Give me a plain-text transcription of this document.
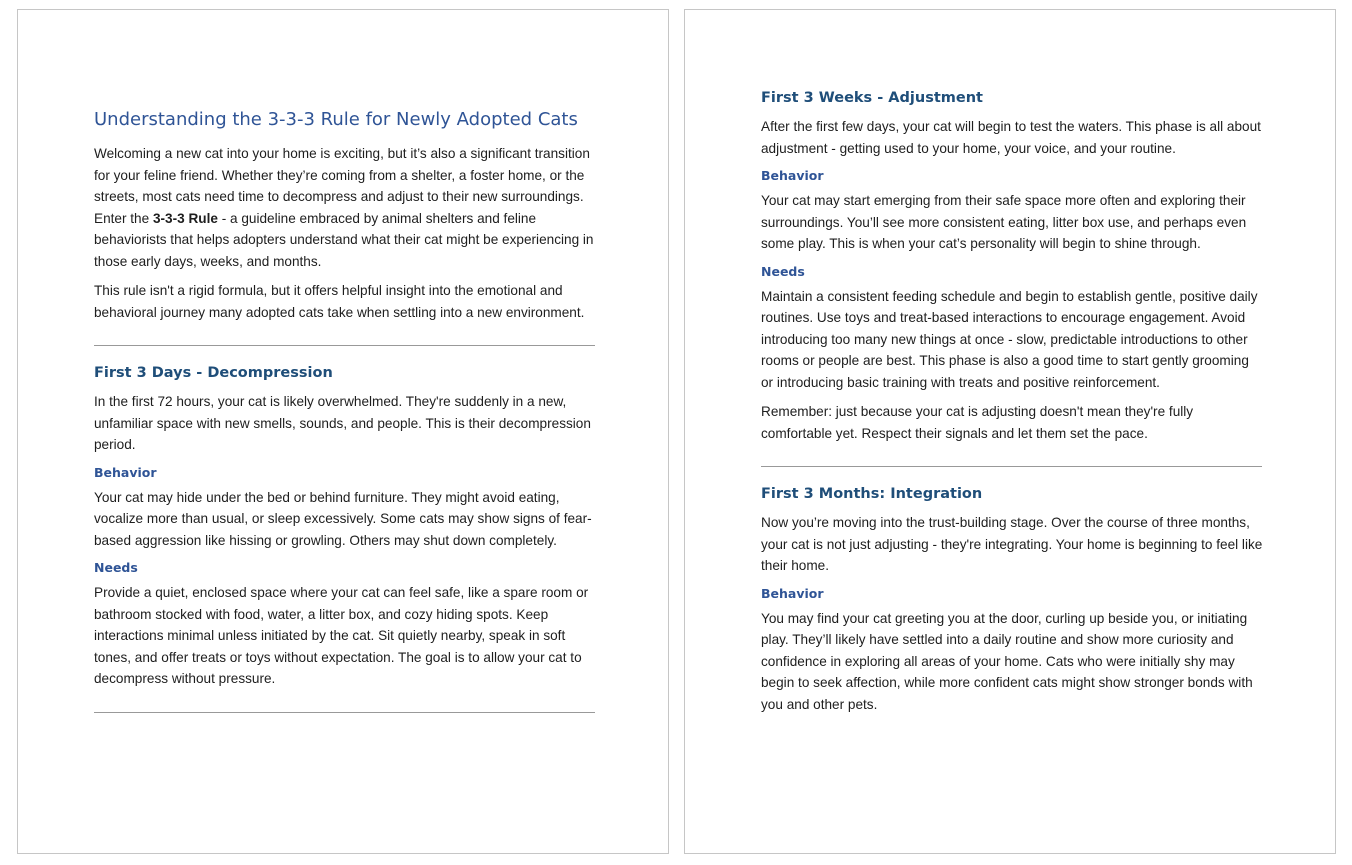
Understanding the 3-3-3 Rule for Newly Adopted Cats

Welcoming a new cat into your home is exciting, but it’s also a significant transition for your feline friend. Whether they’re coming from a shelter, a foster home, or the streets, most cats need time to decompress and adjust to their new surroundings. Enter the 3-3-3 Rule - a guideline embraced by animal shelters and feline behaviorists that helps adopters understand what their cat might be experiencing in those early days, weeks, and months.

This rule isn't a rigid formula, but it offers helpful insight into the emotional and behavioral journey many adopted cats take when settling into a new environment.

First 3 Days - Decompression

In the first 72 hours, your cat is likely overwhelmed. They're suddenly in a new, unfamiliar space with new smells, sounds, and people. This is their decompression period.

Behavior

Your cat may hide under the bed or behind furniture. They might avoid eating, vocalize more than usual, or sleep excessively. Some cats may show signs of fear-based aggression like hissing or growling. Others may shut down completely.

Needs

Provide a quiet, enclosed space where your cat can feel safe, like a spare room or bathroom stocked with food, water, a litter box, and cozy hiding spots. Keep interactions minimal unless initiated by the cat. Sit quietly nearby, speak in soft tones, and offer treats or toys without expectation. The goal is to allow your cat to decompress without pressure.

First 3 Weeks - Adjustment

After the first few days, your cat will begin to test the waters. This phase is all about adjustment - getting used to your home, your voice, and your routine.

Behavior

Your cat may start emerging from their safe space more often and exploring their surroundings. You’ll see more consistent eating, litter box use, and perhaps even some play. This is when your cat’s personality will begin to shine through.

Needs

Maintain a consistent feeding schedule and begin to establish gentle, positive daily routines. Use toys and treat-based interactions to encourage engagement. Avoid introducing too many new things at once - slow, predictable introductions to other rooms or people are best. This phase is also a good time to start gently grooming or introducing basic training with treats and positive reinforcement.

Remember: just because your cat is adjusting doesn't mean they're fully comfortable yet. Respect their signals and let them set the pace.

First 3 Months: Integration

Now you’re moving into the trust-building stage. Over the course of three months, your cat is not just adjusting - they're integrating. Your home is beginning to feel like their home.

Behavior

You may find your cat greeting you at the door, curling up beside you, or initiating play. They’ll likely have settled into a daily routine and show more curiosity and confidence in exploring all areas of your home. Cats who were initially shy may begin to seek affection, while more confident cats might show stronger bonds with you and other pets.
